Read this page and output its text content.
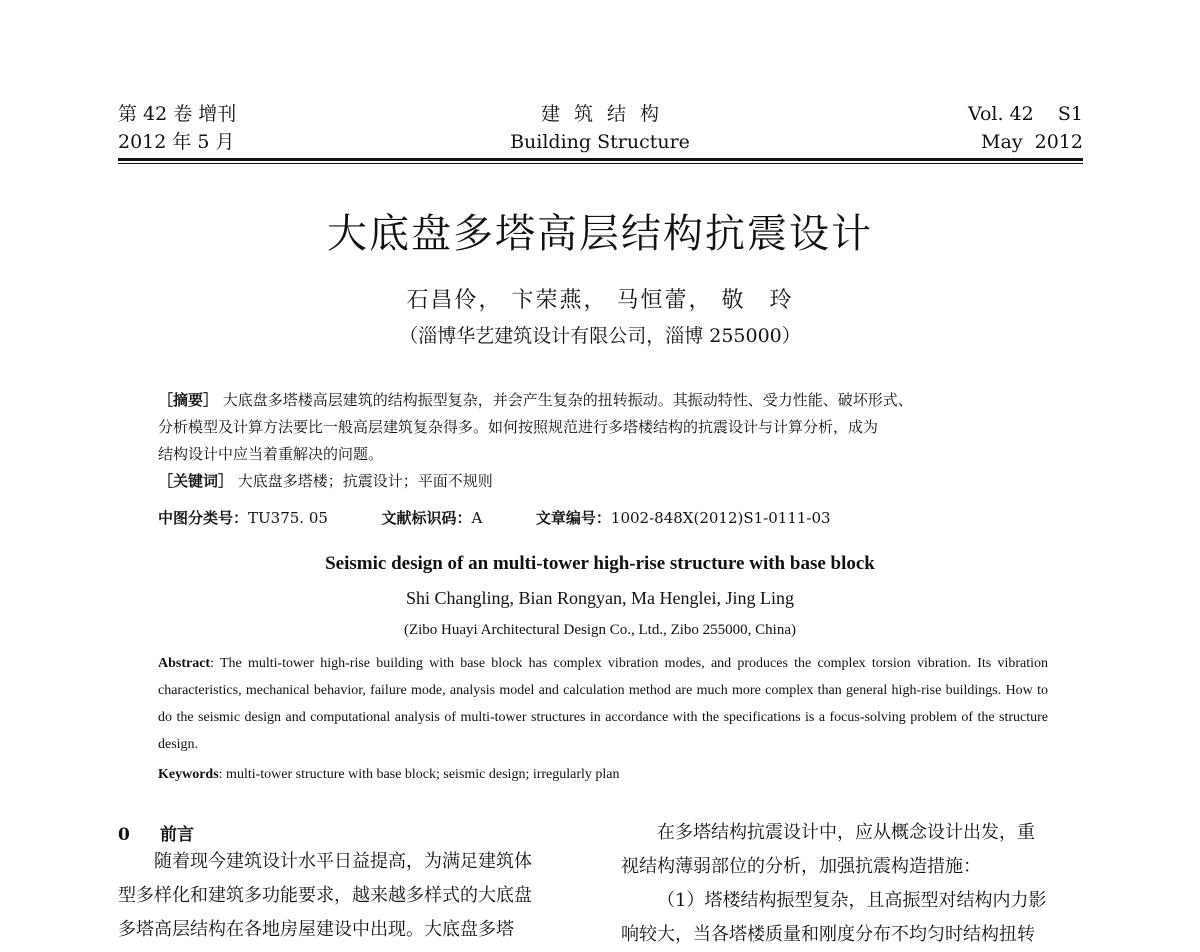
第 42 卷 增刊
2012 年 5 月
建筑结构
Building Structure
Vol. 42    S1
May  2012
大底盘多塔高层结构抗震设计
石昌伶， 卞荣燕， 马恒蕾， 敬　玲
（淄博华艺建筑设计有限公司，淄博 255000）
［摘要］ 大底盘多塔楼高层建筑的结构振型复杂，并会产生复杂的扭转振动。其振动特性、受力性能、破坏形式、
分析模型及计算方法要比一般高层建筑复杂得多。如何按照规范进行多塔楼结构的抗震设计与计算分析，成为
结构设计中应当着重解决的问题。
［关键词］ 大底盘多塔楼；抗震设计；平面不规则
中图分类号：TU375. 05	文献标识码：A	文章编号：1002-848X(2012)S1-0111-03
Seismic design of an multi-tower high-rise structure with base block
Shi Changling, Bian Rongyan, Ma Henglei, Jing Ling
(Zibo Huayi Architectural Design Co., Ltd., Zibo 255000, China)
Abstract: The multi-tower high-rise building with base block has complex vibration modes, and produces the complex torsion vibration. Its vibration characteristics, mechanical behavior, failure mode, analysis model and calculation method are much more complex than general high-rise buildings. How to do the seismic design and computational analysis of multi-tower structures in accordance with the specifications is a focus-solving problem of the structure design.
Keywords: multi-tower structure with base block; seismic design; irregularly plan
0 前言
随着现今建筑设计水平日益提高，为满足建筑体
型多样化和建筑多功能要求，越来越多样式的大底盘
多塔高层结构在各地房屋建设中出现。大底盘多塔
在多塔结构抗震设计中，应从概念设计出发，重
视结构薄弱部位的分析，加强抗震构造措施：
（1）塔楼结构振型复杂，且高振型对结构内力影
响较大，当各塔楼质量和刚度分布不均匀时结构扭转
